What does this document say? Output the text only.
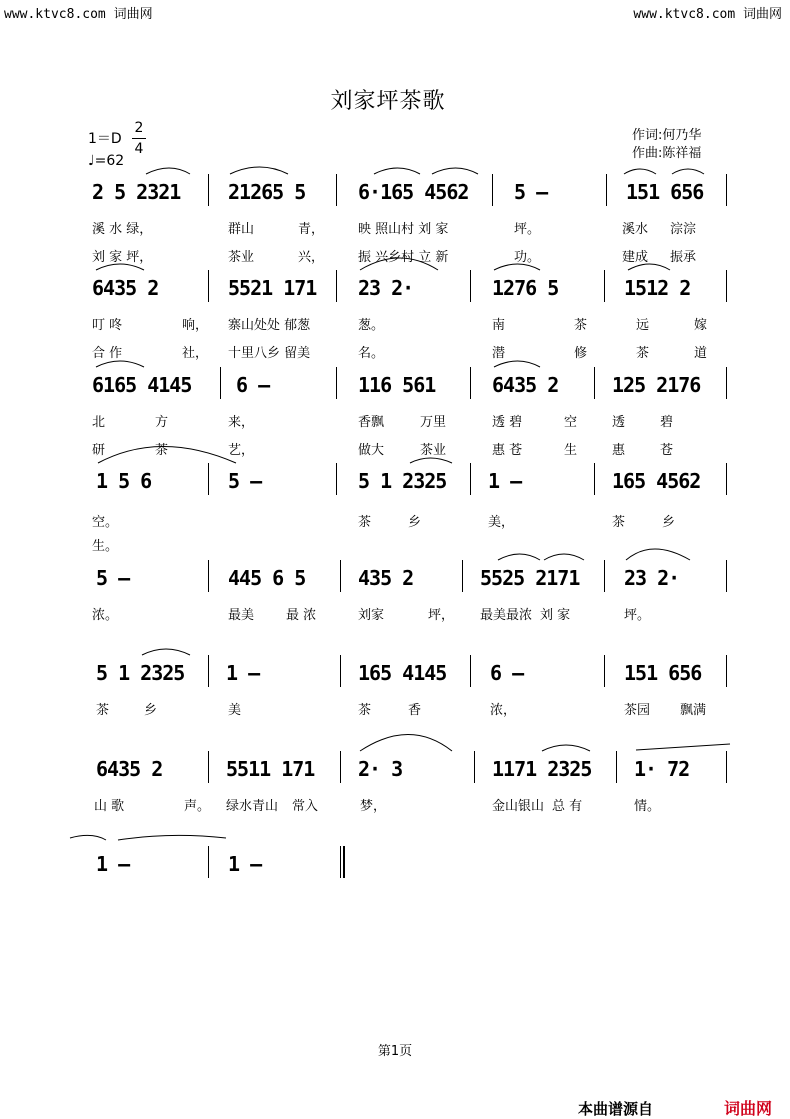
www.ktvc8.com 词曲网	www.ktvc8.com 词曲网
刘家坪茶歌
1＝D
2
4
♩=62
作词:何乃华
作曲:陈祥福
2 5 2321 21265 5	6·165 4562 5 –	151 656
溪 水 绿，	群山	青，	映 照山村 刘 家	坪。	溪水 淙淙
刘 家 坪，	茶业	兴，	振 兴乡村 立 新	功。	建成 振承
6435 2	5521 171 23 2·	1276 5	1512 2
叮 咚	响， 寨山处处 郁葱	葱。	南	茶	远	嫁
合 作	社， 十里八乡 留美	名。	潜	修	茶	道
6165 4145 6 –	116 561	6435 2	125 2176
北	方	来，	香飘	万里	透 碧	空	透	碧
研	茶	艺，	做大	茶业	惠 苍	生	惠	苍
1 5 6	5 –	5 1 2325 1 –	165 4562
空。	茶	乡	美，	茶	乡
生。
5 –	445 6 5	435 2	5525 2171 23 2·
浓。	最美 最 浓	刘家	坪， 最美最浓 刘 家	坪。
5 1 2325 1 –	165 4145 6 –	151 656
茶	乡	美	茶	香	浓，	茶园 飘满
6435 2	5511 171 2· 3	1171 2325 1· 72
山 歌	声。 绿水青山 常入	梦，	金山银山 总 有	情。
1 –	1 –
第1页
本曲谱源自	词曲网
